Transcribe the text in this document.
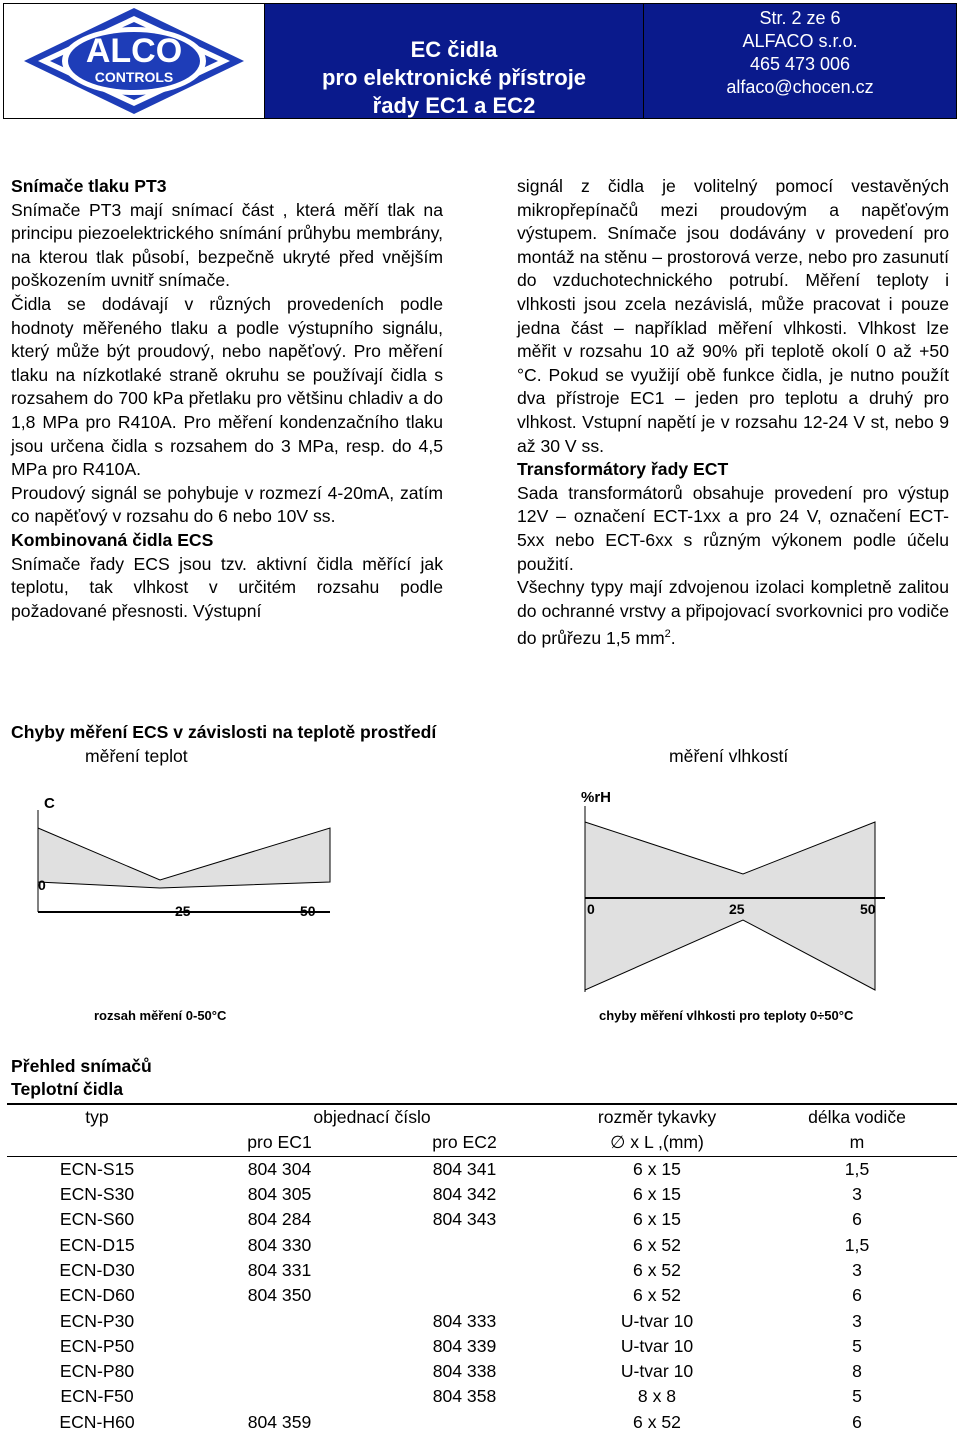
ALCO
CONTROLS
EC čidla
pro elektronické přístroje
řady EC1 a EC2
Str. 2 ze 6
ALFACO s.r.o.
465 473 006
alfaco@chocen.cz

Snímače tlaku PT3

Snímače PT3 mají snímací část , která měří tlak na principu piezoelektrického snímání průhybu membrány, na kterou tlak působí, bezpečně ukryté před vnějším poškozením uvnitř snímače.

Čidla se dodávají v různých provedeních podle hodnoty měřeného tlaku a podle výstupního signálu, který může být proudový, nebo napěťový. Pro měření tlaku na nízkotlaké straně okruhu se používají čidla s rozsahem do 700 kPa přetlaku pro většinu chladiv a do 1,8 MPa pro R410A. Pro měření kondenzačního tlaku jsou určena čidla s rozsahem do 3 MPa, resp. do 4,5 MPa pro R410A.

Proudový signál se pohybuje v rozmezí 4-20mA, zatím co napěťový v rozsahu do 6 nebo 10V ss.

Kombinovaná čidla ECS

Snímače řady ECS jsou tzv. aktivní čidla měřící jak teplotu, tak vlhkost v určitém rozsahu podle požadované přesnosti. Výstupní

signál z čidla je volitelný pomocí vestavěných mikropřepínačů mezi proudovým a napěťovým výstupem. Snímače jsou dodávány v provedení pro montáž na stěnu – prostorová verze, nebo pro zasunutí do vzduchotechnického potrubí. Měření teploty i vlhkosti jsou zcela nezávislá, může pracovat i pouze jedna část – například měření vlhkosti. Vlhkost lze měřit v rozsahu 10 až 90% při teplotě okolí 0 až +50 °C. Pokud se využijí obě funkce čidla, je nutno použít dva přístroje EC1 – jeden pro teplotu a druhý pro vlhkost. Vstupní napětí je v rozsahu 12-24 V st, nebo 9 až 30 V ss.

Transformátory řady ECT

Sada transformátorů obsahuje provedení pro výstup 12V – označení ECT-1xx a pro 24 V, označení ECT-5xx nebo ECT-6xx s různým výkonem podle účelu použití.

Všechny typy mají zdvojenou izolaci kompletně zalitou do ochranné vrstvy a připojovací svorkovnici pro vodiče do průřezu 1,5 $mm^2$.

Chyby měření ECS v závislosti na teplotě prostředí
měření teplot	měření vlhkostí
C
0
25	50
rozsah měření 0-50°C
%rH
0	25	50
chyby měření vlhkosti pro teploty 0÷50°C
Přehled snímačů
Teplotní čidla
typ	objednací číslo		rozměr tykavky	délka vodiče
	pro EC1	pro EC2	∅ x L ,(mm)	m
ECN-S15	804 304	804 341	6 x 15	1,5
ECN-S30	804 305	804 342	6 x 15	3
ECN-S60	804 284	804 343	6 x 15	6
ECN-D15	804 330		6 x 52	1,5
ECN-D30	804 331		6 x 52	3
ECN-D60	804 350		6 x 52	6
ECN-P30		804 333	U-tvar 10	3
ECN-P50		804 339	U-tvar 10	5
ECN-P80		804 338	U-tvar 10	8
ECN-F50		804 358	8 x 8	5
ECN-H60	804 359		6 x 52	6
